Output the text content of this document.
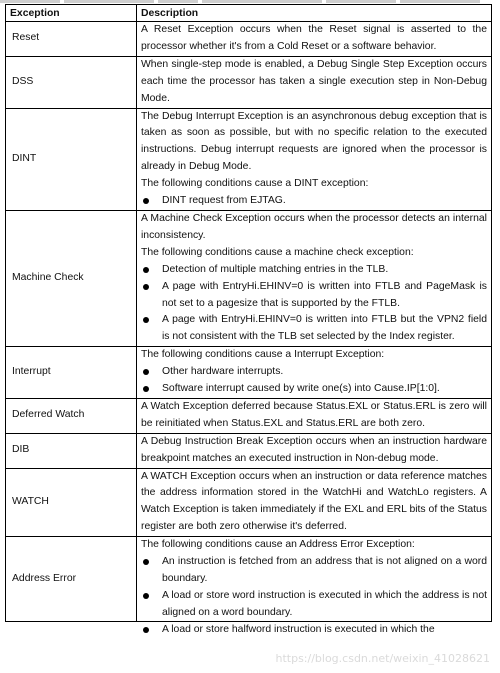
Exception	Description
Reset	A Reset Exception occurs when the Reset signal is asserted to the processor whether it's from a Cold Reset or a software behavior.

DSS	When single-step mode is enabled, a Debug Single Step Exception occurs each time the processor has taken a single execution step in Non-Debug Mode.

DINT	The Debug Interrupt Exception is an asynchronous debug exception that is taken as soon as possible, but with no specific relation to the executed instructions. Debug interrupt requests are ignored when the processor is already in Debug Mode.

The following conditions cause a DINT exception:

DINT request from EJTAG.

Machine Check	A Machine Check Exception occurs when the processor detects an internal inconsistency.

The following conditions cause a machine check exception:

Detection of multiple matching entries in the TLB.

A page with EntryHi.EHINV=0 is written into FTLB and PageMask is not set to a pagesize that is supported by the FTLB.

A page with EntryHi.EHINV=0 is written into FTLB but the VPN2 field is not consistent with the TLB set selected by the Index register.

Interrupt	The following conditions cause a Interrupt Exception:

Other hardware interrupts.

Software interrupt caused by write one(s) into Cause.IP[1:0].

Deferred Watch	A Watch Exception deferred because Status.EXL or Status.ERL is zero will be reinitiated when Status.EXL and Status.ERL are both zero.

DIB	A Debug Instruction Break Exception occurs when an instruction hardware breakpoint matches an executed instruction in Non-debug mode.

WATCH	A WATCH Exception occurs when an instruction or data reference matches the address information stored in the WatchHi and WatchLo registers. A Watch Exception is taken immediately if the EXL and ERL bits of the Status register are both zero otherwise it's deferred.

Address Error	The following conditions cause an Address Error Exception:

An instruction is fetched from an address that is not aligned on a word boundary.

A load or store word instruction is executed in which the address is not aligned on a word boundary.

A load or store halfword instruction is executed in which the

https://blog.csdn.net/weixin_41028621
